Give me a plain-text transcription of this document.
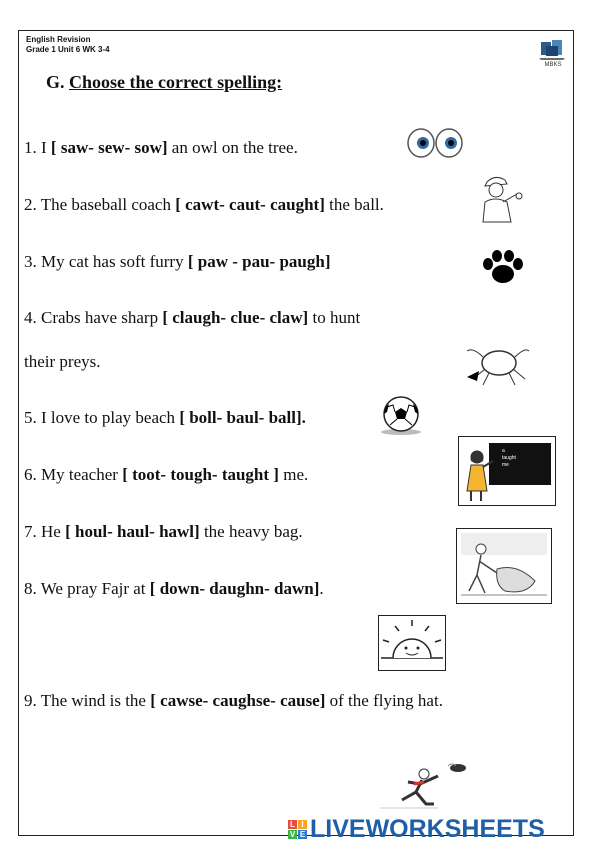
English Revision
Grade 1 Unit 6 WK 3-4
MBKS
G. Choose the correct spelling:
1. I [ saw- sew- sow] an owl on the tree.
2. The baseball coach [ cawt- caut- caught] the ball.
3. My cat has soft furry [ paw - pau- paugh]
4. Crabs have sharp [ claugh- clue- claw] to hunt
their preys.
5. I love to play beach [ boll- baul- ball].
6. My teacher [ toot- tough- taught ] me.
7. He [ houl- haul- hawl] the heavy bag.
8. We pray Fajr at [ down- daughn- dawn].
9. The wind is the [ cawse- caughse- cause] of the flying hat.
a
taught
me
L I
V E LIVEWORKSHEETS
